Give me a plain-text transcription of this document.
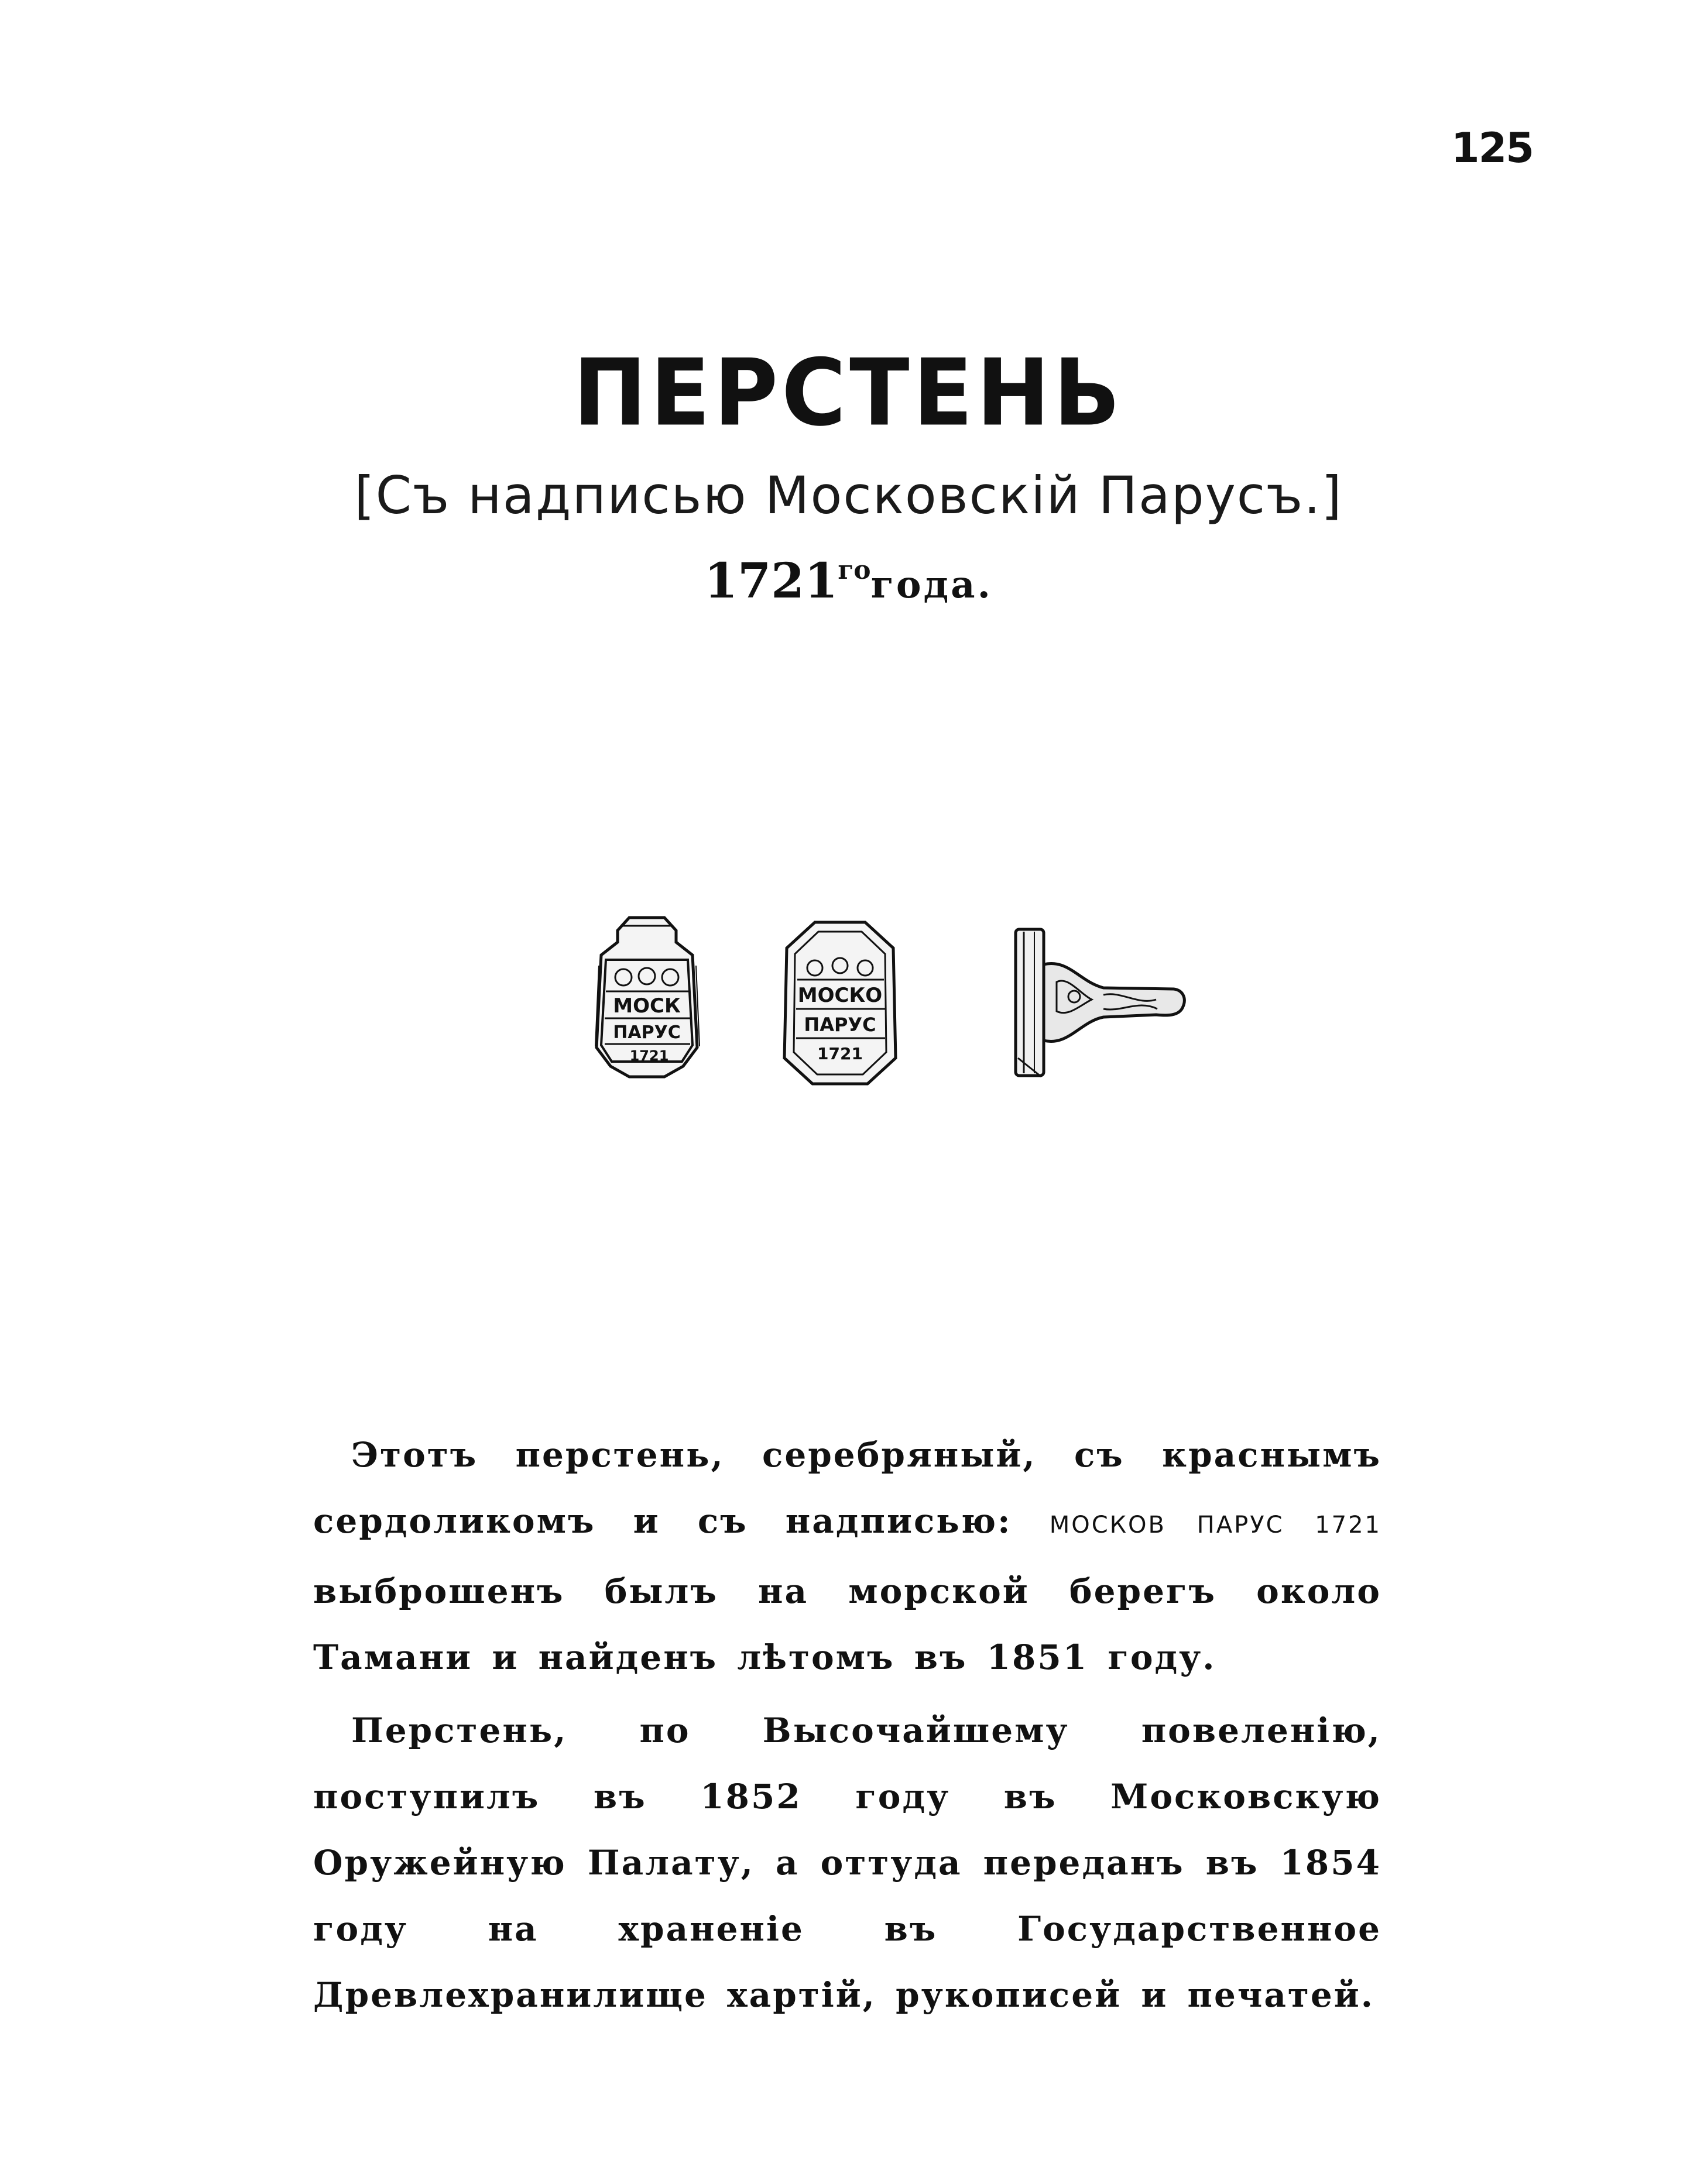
125
ПЕРСТЕНЬ
[Съ надписью Московскій Парусъ.]
$1721^{го}года$.
МОСК
ПАРУС
1721
МОСКО
ПАРУС
1721

Этотъ перстень, серебряный, съ краснымъ сердоликомъ и съ надписью: МОСКОВ ПАРУС 1721 выброшенъ былъ на морской берегъ около Тамани и найденъ лѣтомъ въ 1851 году.

Перстень, по Высочайшему повеленію, поступилъ въ 1852 году въ Московскую Оружейную Палату, а оттуда переданъ въ 1854 году на храненіе въ Государственное Древлехранилище хартій, рукописей и печатей.
